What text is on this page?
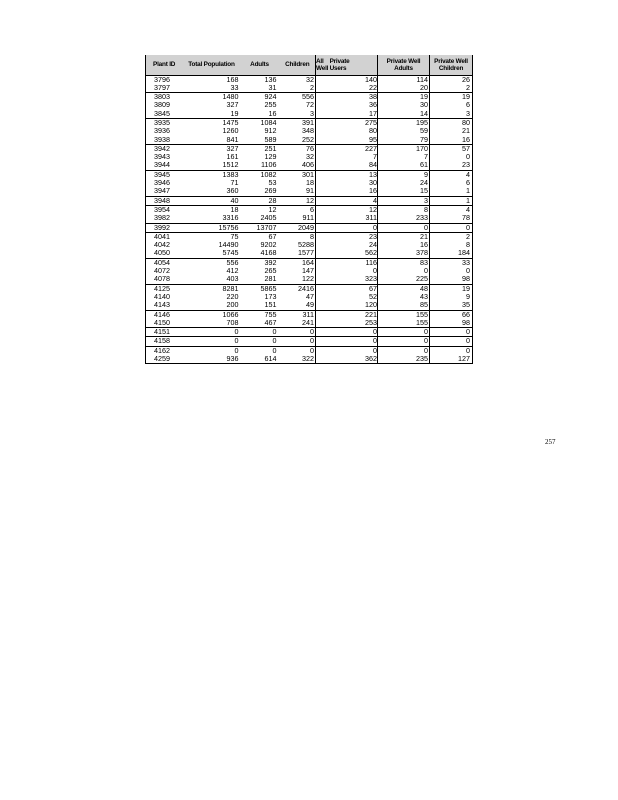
Plant ID	Total Population	Adults	Children	All Well Private Users	Private Well Adults	Private Well Children
3796	168	136	32	140	114	26
3797	33	31	2	22	20	2
3803	1480	924	556	38	19	19
3809	327	255	72	36	30	6
3845	19	16	3	17	14	3
3935	1475	1084	391	275	195	80
3936	1260	912	348	80	59	21
3938	841	589	252	95	79	16
3942	327	251	76	227	170	57
3943	161	129	32	7	7	0
3944	1512	1106	406	84	61	23
3945	1383	1082	301	13	9	4
3946	71	53	18	30	24	6
3947	360	269	91	16	15	1
3948	40	28	12	4	3	1
3954	18	12	6	12	8	4
3982	3316	2405	911	311	233	78
3992	15756	13707	2049	0	0	0
4041	75	67	8	23	21	2
4042	14490	9202	5288	24	16	8
4050	5745	4168	1577	562	378	184
4054	556	392	164	116	83	33
4072	412	265	147	0	0	0
4078	403	281	122	323	225	98
4125	8281	5865	2416	67	48	19
4140	220	173	47	52	43	9
4143	200	151	49	120	85	35
4146	1066	755	311	221	155	66
4150	708	467	241	253	155	98
4151	0	0	0	0	0	0
4158	0	0	0	0	0	0
4162	0	0	0	0	0	0
4259	936	614	322	362	235	127
257
